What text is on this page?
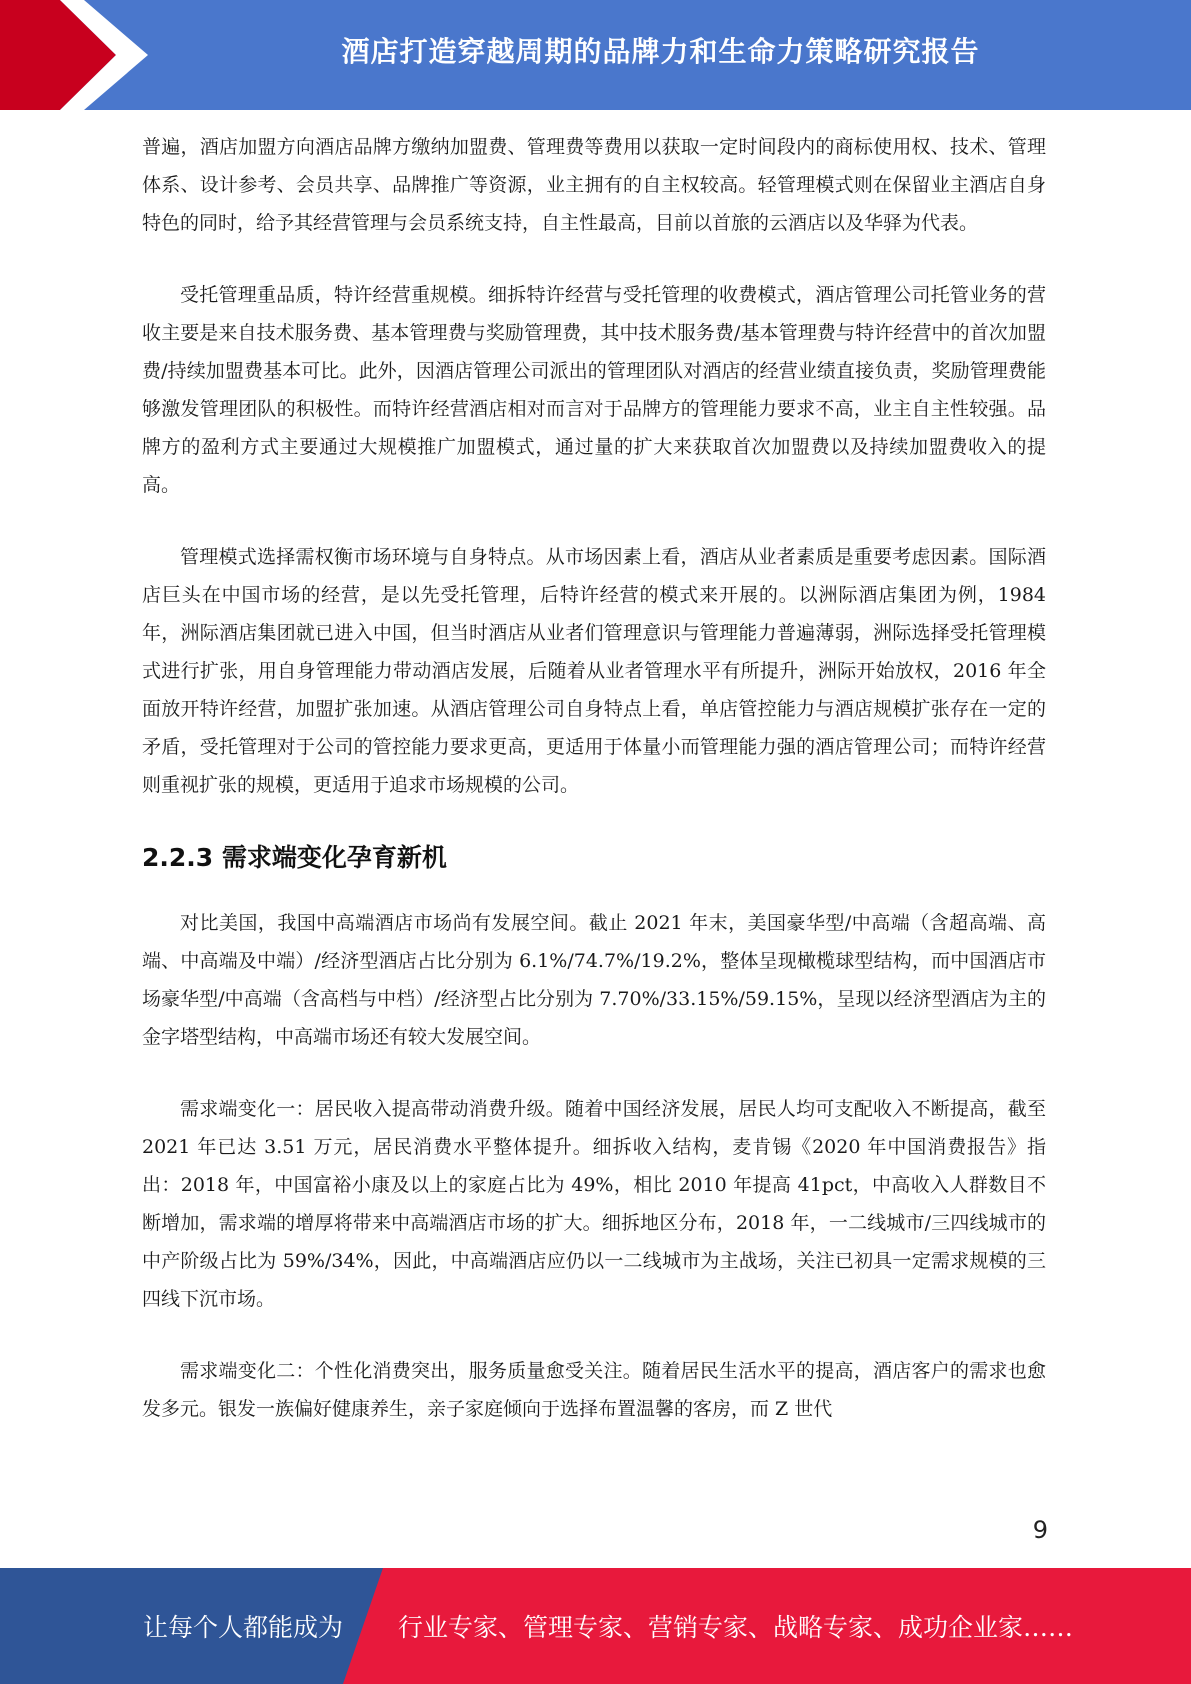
酒店打造穿越周期的品牌力和生命力策略研究报告

普遍，酒店加盟方向酒店品牌方缴纳加盟费、管理费等费用以获取一定时间段内的商标使用权、技术、管理体系、设计参考、会员共享、品牌推广等资源，业主拥有的自主权较高。轻管理模式则在保留业主酒店自身特色的同时，给予其经营管理与会员系统支持，自主性最高，目前以首旅的云酒店以及华驿为代表。

受托管理重品质，特许经营重规模。细拆特许经营与受托管理的收费模式，酒店管理公司托管业务的营收主要是来自技术服务费、基本管理费与奖励管理费，其中技术服务费/基本管理费与特许经营中的首次加盟费/持续加盟费基本可比。此外，因酒店管理公司派出的管理团队对酒店的经营业绩直接负责，奖励管理费能够激发管理团队的积极性。而特许经营酒店相对而言对于品牌方的管理能力要求不高，业主自主性较强。品牌方的盈利方式主要通过大规模推广加盟模式，通过量的扩大来获取首次加盟费以及持续加盟费收入的提高。

管理模式选择需权衡市场环境与自身特点。从市场因素上看，酒店从业者素质是重要考虑因素。国际酒店巨头在中国市场的经营，是以先受托管理，后特许经营的模式来开展的。以洲际酒店集团为例，1984 年，洲际酒店集团就已进入中国，但当时酒店从业者们管理意识与管理能力普遍薄弱，洲际选择受托管理模式进行扩张，用自身管理能力带动酒店发展，后随着从业者管理水平有所提升，洲际开始放权，2016 年全面放开特许经营，加盟扩张加速。从酒店管理公司自身特点上看，单店管控能力与酒店规模扩张存在一定的矛盾，受托管理对于公司的管控能力要求更高，更适用于体量小而管理能力强的酒店管理公司；而特许经营则重视扩张的规模，更适用于追求市场规模的公司。

2.2.3 需求端变化孕育新机

对比美国，我国中高端酒店市场尚有发展空间。截止 2021 年末，美国豪华型/中高端（含超高端、高端、中高端及中端）/经济型酒店占比分别为 6.1%/74.7%/19.2%，整体呈现橄榄球型结构，而中国酒店市场豪华型/中高端（含高档与中档）/经济型占比分别为 7.70%/33.15%/59.15%，呈现以经济型酒店为主的金字塔型结构，中高端市场还有较大发展空间。

需求端变化一：居民收入提高带动消费升级。随着中国经济发展，居民人均可支配收入不断提高，截至 2021 年已达 3.51 万元，居民消费水平整体提升。细拆收入结构，麦肯锡《2020 年中国消费报告》指出：2018 年，中国富裕小康及以上的家庭占比为 49%，相比 2010 年提高 41pct，中高收入人群数目不断增加，需求端的增厚将带来中高端酒店市场的扩大。细拆地区分布，2018 年，一二线城市/三四线城市的中产阶级占比为 59%/34%，因此，中高端酒店应仍以一二线城市为主战场，关注已初具一定需求规模的三四线下沉市场。

需求端变化二：个性化消费突出，服务质量愈受关注。随着居民生活水平的提高，酒店客户的需求也愈发多元。银发一族偏好健康养生，亲子家庭倾向于选择布置温馨的客房，而 Z 世代

9
让每个人都能成为 行业专家、管理专家、营销专家、战略专家、成功企业家……
